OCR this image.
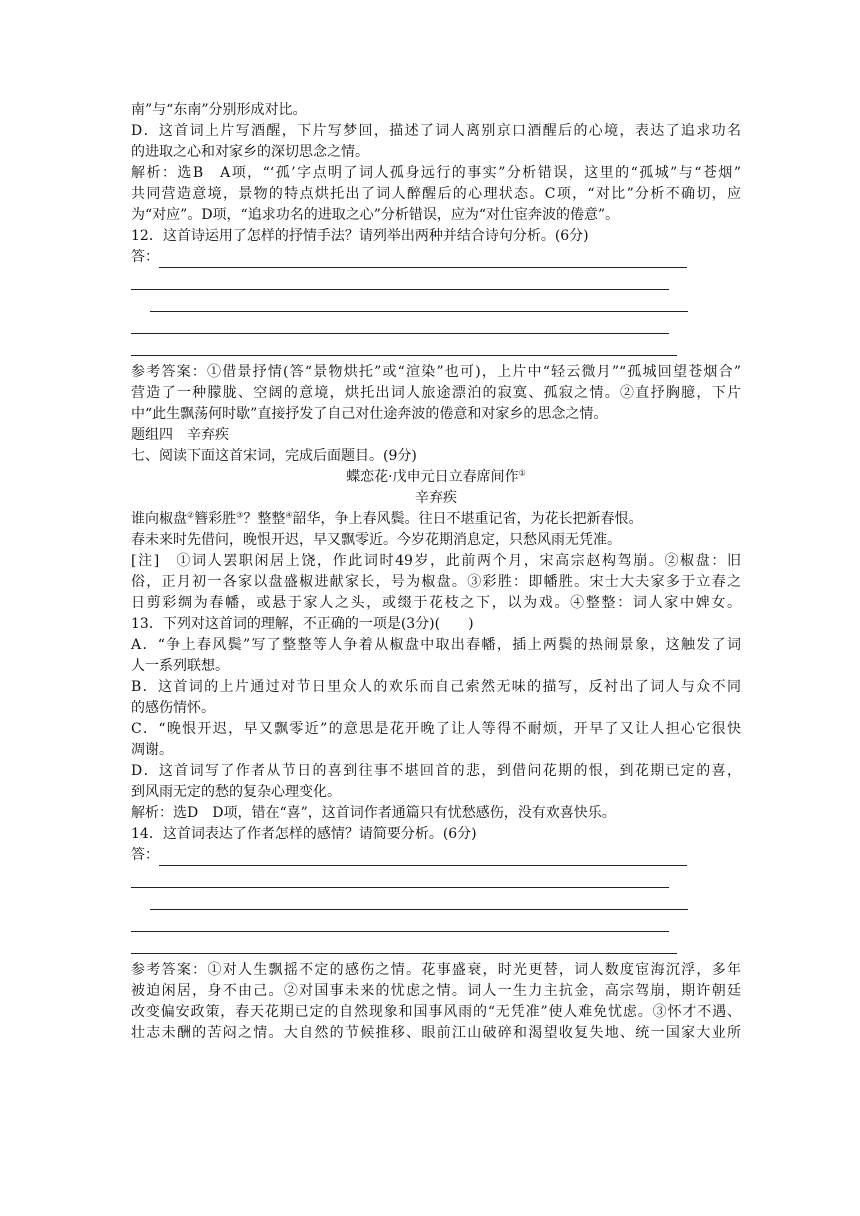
南”与“东南”分别形成对比。
D．这首词上片写酒醒，下片写梦回，描述了词人离别京口酒醒后的心境，表达了追求功名
的进取之心和对家乡的深切思念之情。
解析：选B　A项，“‘孤’字点明了词人孤身远行的事实”分析错误，这里的“孤城”与“苍烟”
共同营造意境，景物的特点烘托出了词人醉醒后的心理状态。C项，“对比”分析不确切，应
为“对应”。D项，“追求功名的进取之心”分析错误，应为“对仕宦奔波的倦意”。
12．这首诗运用了怎样的抒情手法？请列举出两种并结合诗句分析。(6分)
答：
参考答案：①借景抒情(答“景物烘托”或“渲染”也可)，上片中“轻云微月”“孤城回望苍烟合”
营造了一种朦胧、空阔的意境，烘托出词人旅途漂泊的寂寞、孤寂之情。②直抒胸臆，下片
中“此生飘荡何时歇”直接抒发了自己对仕途奔波的倦意和对家乡的思念之情。
题组四　辛弃疾
七、阅读下面这首宋词，完成后面题目。(9分)
蝶恋花·戊申元日立春席间作①
辛弃疾
谁向椒盘②簪彩胜③？整整④韶华，争上春风鬓。往日不堪重记省，为花长把新春恨。
春未来时先借问，晚恨开迟，早又飘零近。今岁花期消息定，只愁风雨无凭准。
[注]　①词人罢职闲居上饶，作此词时49岁，此前两个月，宋高宗赵构驾崩。②椒盘：旧
俗，正月初一各家以盘盛椒进献家长，号为椒盘。③彩胜：即幡胜。宋士大夫家多于立春之
日剪彩绸为春幡，或悬于家人之头，或缀于花枝之下，以为戏。④整整：词人家中婢女。
13．下列对这首词的理解，不正确的一项是(3分)(　　)
A．“争上春风鬓”写了整整等人争着从椒盘中取出春幡，插上两鬓的热闹景象，这触发了词
人一系列联想。
B．这首词的上片通过对节日里众人的欢乐而自己索然无味的描写，反衬出了词人与众不同
的感伤情怀。
C．“晚恨开迟，早又飘零近”的意思是花开晚了让人等得不耐烦，开早了又让人担心它很快
凋谢。
D．这首词写了作者从节日的喜到往事不堪回首的悲，到借问花期的恨，到花期已定的喜，
到风雨无定的愁的复杂心理变化。
解析：选D　D项，错在“喜”，这首词作者通篇只有忧愁感伤，没有欢喜快乐。
14．这首词表达了作者怎样的感情？请简要分析。(6分)
答：
参考答案：①对人生飘摇不定的感伤之情。花事盛衰，时光更替，词人数度宦海沉浮，多年
被迫闲居，身不由己。②对国事未来的忧虑之情。词人一生力主抗金，高宗驾崩，期许朝廷
改变偏安政策，春天花期已定的自然现象和国事风雨的“无凭准”使人难免忧虑。③怀才不遇、
壮志未酬的苦闷之情。大自然的节候推移、眼前江山破碎和渴望收复失地、统一国家大业所
